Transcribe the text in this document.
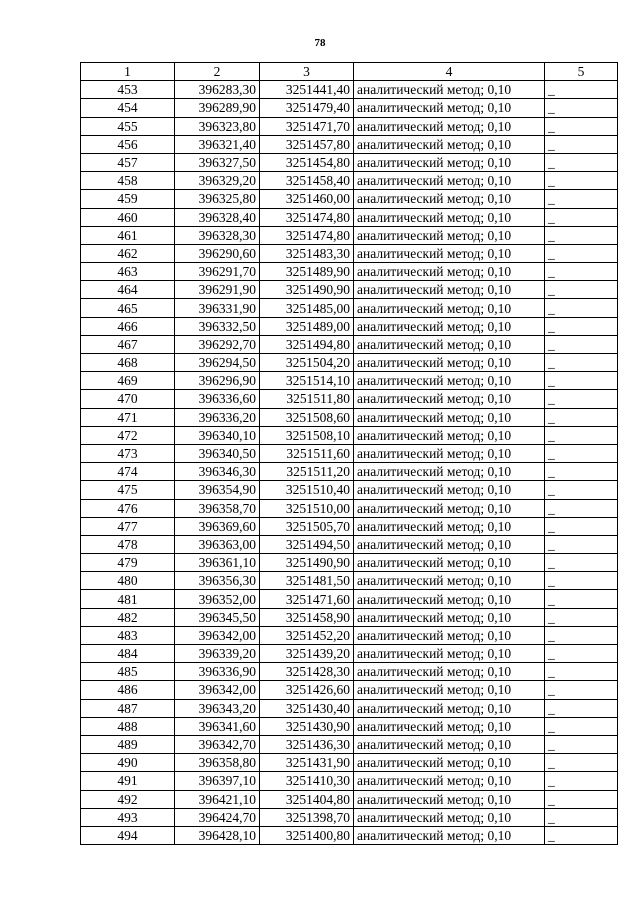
78
1	2	3	4	5
453	396283,30	3251441,40	аналитический метод; 0,10	_
454	396289,90	3251479,40	аналитический метод; 0,10	_
455	396323,80	3251471,70	аналитический метод; 0,10	_
456	396321,40	3251457,80	аналитический метод; 0,10	_
457	396327,50	3251454,80	аналитический метод; 0,10	_
458	396329,20	3251458,40	аналитический метод; 0,10	_
459	396325,80	3251460,00	аналитический метод; 0,10	_
460	396328,40	3251474,80	аналитический метод; 0,10	_
461	396328,30	3251474,80	аналитический метод; 0,10	_
462	396290,60	3251483,30	аналитический метод; 0,10	_
463	396291,70	3251489,90	аналитический метод; 0,10	_
464	396291,90	3251490,90	аналитический метод; 0,10	_
465	396331,90	3251485,00	аналитический метод; 0,10	_
466	396332,50	3251489,00	аналитический метод; 0,10	_
467	396292,70	3251494,80	аналитический метод; 0,10	_
468	396294,50	3251504,20	аналитический метод; 0,10	_
469	396296,90	3251514,10	аналитический метод; 0,10	_
470	396336,60	3251511,80	аналитический метод; 0,10	_
471	396336,20	3251508,60	аналитический метод; 0,10	_
472	396340,10	3251508,10	аналитический метод; 0,10	_
473	396340,50	3251511,60	аналитический метод; 0,10	_
474	396346,30	3251511,20	аналитический метод; 0,10	_
475	396354,90	3251510,40	аналитический метод; 0,10	_
476	396358,70	3251510,00	аналитический метод; 0,10	_
477	396369,60	3251505,70	аналитический метод; 0,10	_
478	396363,00	3251494,50	аналитический метод; 0,10	_
479	396361,10	3251490,90	аналитический метод; 0,10	_
480	396356,30	3251481,50	аналитический метод; 0,10	_
481	396352,00	3251471,60	аналитический метод; 0,10	_
482	396345,50	3251458,90	аналитический метод; 0,10	_
483	396342,00	3251452,20	аналитический метод; 0,10	_
484	396339,20	3251439,20	аналитический метод; 0,10	_
485	396336,90	3251428,30	аналитический метод; 0,10	_
486	396342,00	3251426,60	аналитический метод; 0,10	_
487	396343,20	3251430,40	аналитический метод; 0,10	_
488	396341,60	3251430,90	аналитический метод; 0,10	_
489	396342,70	3251436,30	аналитический метод; 0,10	_
490	396358,80	3251431,90	аналитический метод; 0,10	_
491	396397,10	3251410,30	аналитический метод; 0,10	_
492	396421,10	3251404,80	аналитический метод; 0,10	_
493	396424,70	3251398,70	аналитический метод; 0,10	_
494	396428,10	3251400,80	аналитический метод; 0,10	_
